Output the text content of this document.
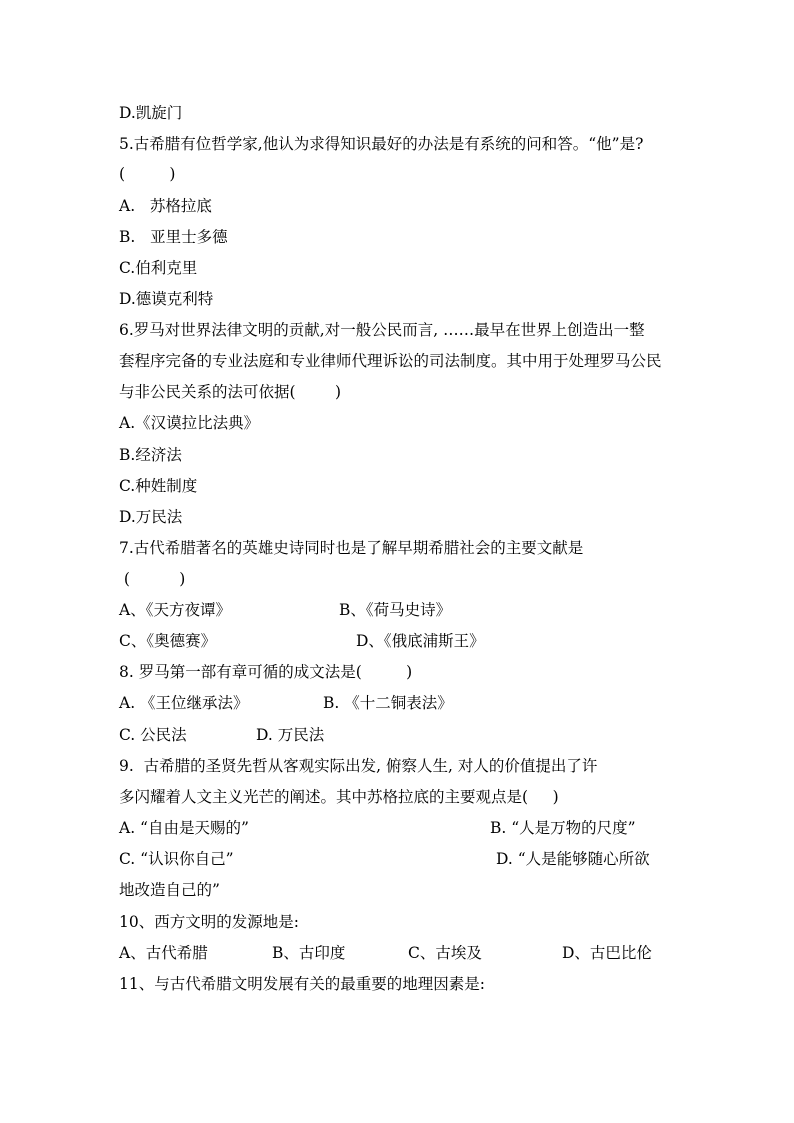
D.凯旋门
5.古希腊有位哲学家,他认为求得知识最好的办法是有系统的问和答。“他”是?
(         )
A.   苏格拉底
B.   亚里士多德
C.伯利克里
D.德谟克利特
6.罗马对世界法律文明的贡献,对一般公民而言, ……最早在世界上创造出一整
套程序完备的专业法庭和专业律师代理诉讼的司法制度。其中用于处理罗马公民
与非公民关系的法可依据(        )
A.《汉谟拉比法典》
B.经济法
C.种姓制度
D.万民法
7.古代希腊著名的英雄史诗同时也是了解早期希腊社会的主要文献是
(          )
A、《天方夜谭》	B、《荷马史诗》
C、《奥德赛》	D、《俄底浦斯王》
8. 罗马第一部有章可循的成文法是(         )
A. 《王位继承法》	B. 《十二铜表法》
C. 公民法	D. 万民法
9.  古希腊的圣贤先哲从客观实际出发, 俯察人生, 对人的价值提出了许
多闪耀着人文主义光芒的阐述。其中苏格拉底的主要观点是(     )
A. “自由是天赐的”	B. “人是万物的尺度”
C. “认识你自己”	D. “人是能够随心所欲
地改造自己的”
10、西方文明的发源地是:
A、古代希腊	B、古印度	C、古埃及	D、古巴比伦
11、与古代希腊文明发展有关的最重要的地理因素是:
